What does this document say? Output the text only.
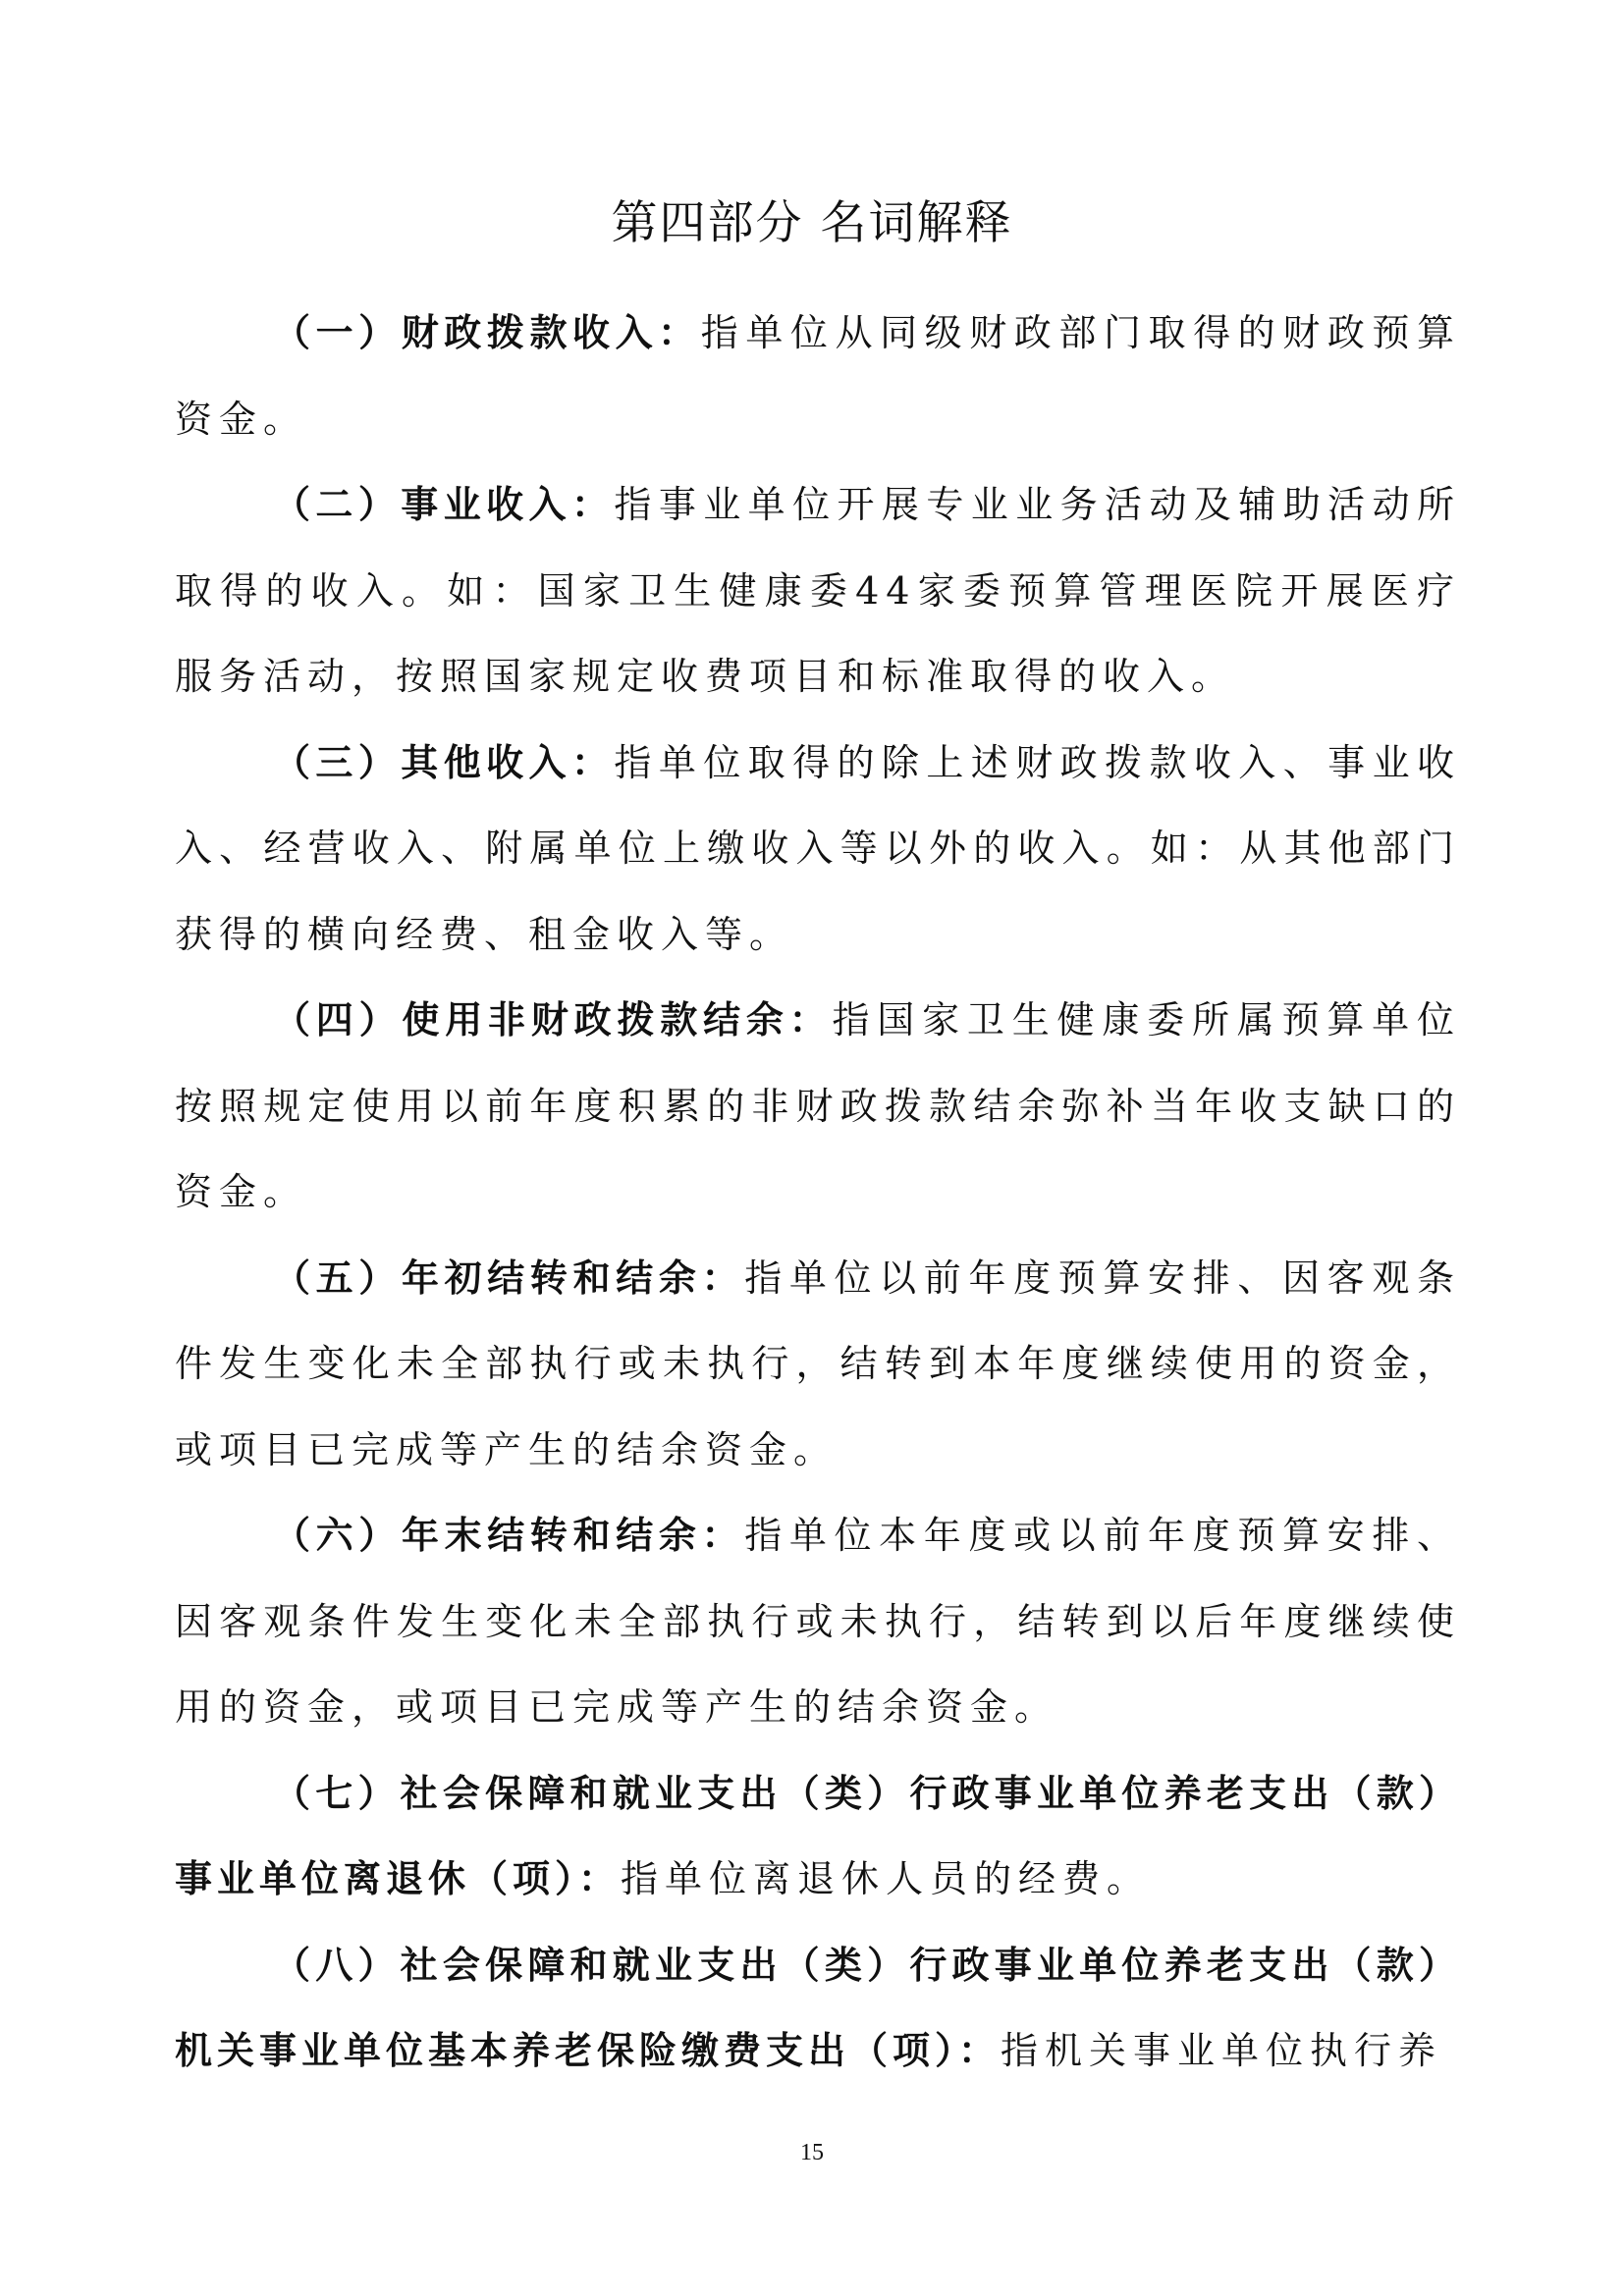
第四部分 名词解释

（一）财政拨款收入：指单位从同级财政部门取得的财政预算资金。

（二）事业收入：指事业单位开展专业业务活动及辅助活动所取得的收入。如：国家卫生健康委44家委预算管理医院开展医疗服务活动，按照国家规定收费项目和标准取得的收入。

（三）其他收入：指单位取得的除上述财政拨款收入、事业收入、经营收入、附属单位上缴收入等以外的收入。如：从其他部门获得的横向经费、租金收入等。

（四）使用非财政拨款结余：指国家卫生健康委所属预算单位按照规定使用以前年度积累的非财政拨款结余弥补当年收支缺口的资金。

（五）年初结转和结余：指单位以前年度预算安排、因客观条件发生变化未全部执行或未执行，结转到本年度继续使用的资金，或项目已完成等产生的结余资金。

（六）年末结转和结余：指单位本年度或以前年度预算安排、因客观条件发生变化未全部执行或未执行，结转到以后年度继续使用的资金，或项目已完成等产生的结余资金。

（七）社会保障和就业支出（类）行政事业单位养老支出（款）事业单位离退休（项）：指单位离退休人员的经费。

（八）社会保障和就业支出（类）行政事业单位养老支出（款）机关事业单位基本养老保险缴费支出（项）：指机关事业单位执行养

15
